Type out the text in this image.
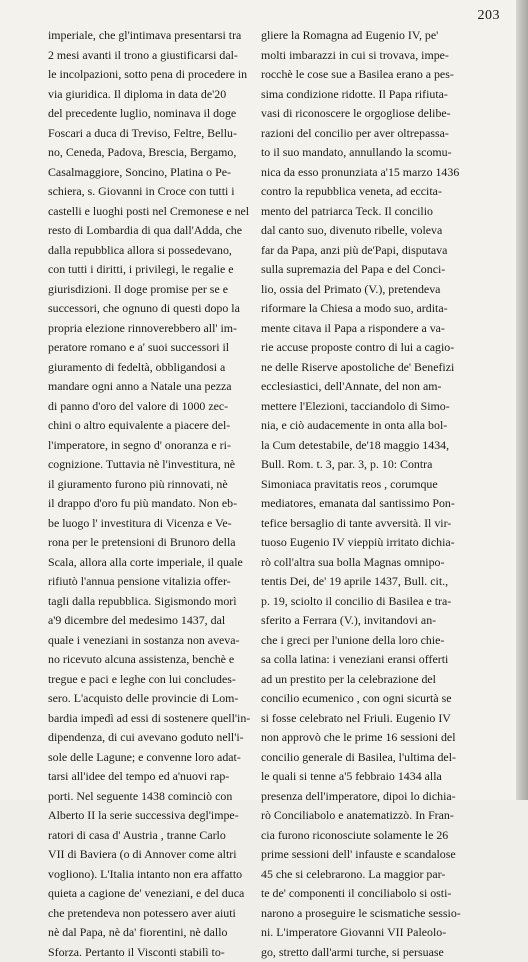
203
imperiale, che gl'intimava presentarsi tra
2 mesi avanti il trono a giustificarsi dal-
le incolpazioni, sotto pena di procedere in
via giuridica. Il diploma in data de'20
del precedente luglio, nominava il doge
Foscari a duca di Treviso, Feltre, Bellu-
no, Ceneda, Padova, Brescia, Bergamo,
Casalmaggiore, Soncino, Platina o Pe-
schiera, s. Giovanni in Croce con tutti i
castelli e luoghi posti nel Cremonese e nel
resto di Lombardia di qua dall'Adda, che
dalla repubblica allora si possedevano,
con tutti i diritti, i privilegi, le regalie e
giurisdizioni. Il doge promise per se e
successori, che ognuno di questi dopo la
propria elezione rinnoverebbero all' im-
peratore romano e a' suoi successori il
giuramento di fedeltà, obbligandosi a
mandare ogni anno a Natale una pezza
di panno d'oro del valore di 1000 zec-
chini o altro equivalente a piacere del-
l'imperatore, in segno d' onoranza e ri-
cognizione. Tuttavia nè l'investitura, nè
il giuramento furono più rinnovati, nè
il drappo d'oro fu più mandato. Non eb-
be luogo l' investitura di Vicenza e Ve-
rona per le pretensioni di Brunoro della
Scala, allora alla corte imperiale, il quale
rifiutò l'annua pensione vitalizia offer-
tagli dalla repubblica. Sigismondo morì
a'9 dicembre del medesimo 1437, dal
quale i veneziani in sostanza non aveva-
no ricevuto alcuna assistenza, benchè e
tregue e paci e leghe con lui concludes-
sero. L'acquisto delle provincie di Lom-
bardia impedì ad essi di sostenere quell'in-
dipendenza, di cui avevano goduto nell'i-
sole delle Lagune; e convenne loro adat-
tarsi all'idee del tempo ed a'nuovi rap-
porti. Nel seguente 1438 cominciò con
Alberto II la serie successiva degl'impe-
ratori di casa d' Austria , tranne Carlo
VII di Baviera (o di Annover come altri
vogliono). L'Italia intanto non era affatto
quieta a cagione de' veneziani, e del duca
che pretendeva non potessero aver aiuti
nè dal Papa, nè da' fiorentini, nè dallo
Sforza. Pertanto il Visconti stabilì to-
gliere la Romagna ad Eugenio IV, pe'
molti imbarazzi in cui si trovava, impe-
rocchè le cose sue a Basilea erano a pes-
sima condizione ridotte. Il Papa rifiuta-
vasi di riconoscere le orgogliose delibe-
razioni del concilio per aver oltrepassa-
to il suo mandato, annullando la scomu-
nica da esso pronunziata a'15 marzo 1436
contro la repubblica veneta, ad eccita-
mento del patriarca Teck. Il concilio
dal canto suo, divenuto ribelle, voleva
far da Papa, anzi più de'Papi, disputava
sulla supremazia del Papa e del Conci-
lio, ossia del Primato (V.), pretendeva
riformare la Chiesa a modo suo, ardita-
mente citava il Papa a rispondere a va-
rie accuse proposte contro di lui a cagio-
ne delle Riserve apostoliche de' Benefizi
ecclesiastici, dell'Annate, del non am-
mettere l'Elezioni, tacciandolo di Simo-
nia, e ciò audacemente in onta alla bol-
la Cum detestabile, de'18 maggio 1434,
Bull. Rom. t. 3, par. 3, p. 10: Contra
Simoniaca pravitatis reos , corumque
mediatores, emanata dal santissimo Pon-
tefice bersaglio di tante avversità. Il vir-
tuoso Eugenio IV vieppiù irritato dichia-
rò coll'altra sua bolla Magnas omnipo-
tentis Dei, de' 19 aprile 1437, Bull. cit.,
p. 19, sciolto il concilio di Basilea e tra-
sferito a Ferrara (V.), invitandovi an-
che i greci per l'unione della loro chie-
sa colla latina: i veneziani eransi offerti
ad un prestito per la celebrazione del
concilio ecumenico , con ogni sicurtà se
si fosse celebrato nel Friuli. Eugenio IV
non approvò che le prime 16 sessioni del
concilio generale di Basilea, l'ultima del-
le quali si tenne a'5 febbraio 1434 alla
presenza dell'imperatore, dipoi lo dichia-
rò Conciliabolo e anatematizzò. In Fran-
cia furono riconosciute solamente le 26
prime sessioni dell' infauste e scandalose
45 che si celebrarono. La maggior par-
te de' componenti il conciliabolo si osti-
narono a proseguire le scismatiche sessio-
ni. L'imperatore Giovanni VII Paleolo-
go, stretto dall'armi turche, si persuase
